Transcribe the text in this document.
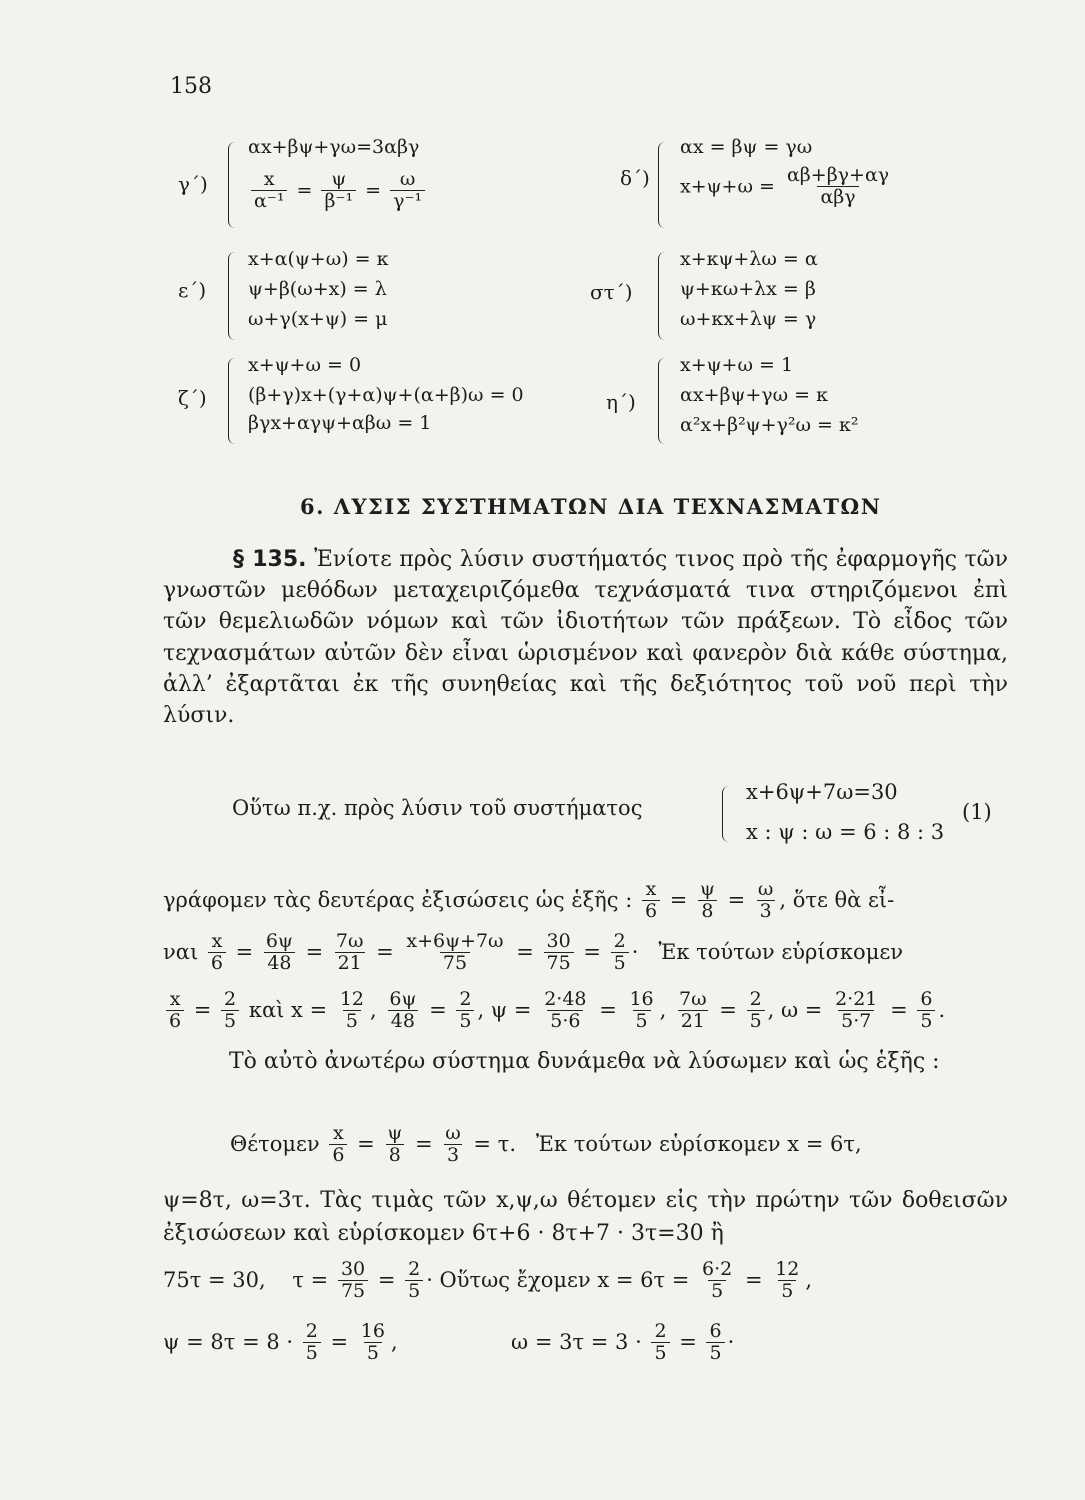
158
γ΄)
αx+βψ+γω=3αβγ
$\frac{x}{\text{α⁻¹}} = \frac{\psi}{\text{β⁻¹}} = \frac{\omega}{\text{γ⁻¹}}$	δ΄)
αx = βψ = γω
$x+\psi+\omega = \frac{\alpha\beta+\beta\gamma+\alpha\gamma}{\text{αβγ}}$
ε΄)
x+α(ψ+ω) = κ
ψ+β(ω+x) = λ
ω+γ(x+ψ) = μ
στ΄)
x+κψ+λω = α
ψ+κω+λx = β
ω+κx+λψ = γ
ζ΄)
x+ψ+ω = 0
(β+γ)x+(γ+α)ψ+(α+β)ω = 0
βγx+αγψ+αβω = 1
η΄)
x+ψ+ω = 1
αx+βψ+γω = κ
α²x+β²ψ+γ²ω = κ²
6. ΛΥΣΙΣ ΣΥΣΤΗΜΑΤΩΝ ΔΙΑ ΤΕΧΝΑΣΜΑΤΩΝ
§ 135. Ἐνίοτε πρὸς λύσιν συστήματός τινος πρὸ τῆς ἐφαρμογῆς τῶν γνωστῶν μεθόδων μεταχειριζόμεθα τεχνάσματά τινα στηριζόμενοι ἐπὶ τῶν θεμελιωδῶν νόμων καὶ τῶν ἰδιοτήτων τῶν πράξεων. Τὸ εἶδος τῶν τεχνασμάτων αὐτῶν δὲν εἶναι ὡρισμένον καὶ φανερὸν διὰ κάθε σύστημα, ἀλλ’ ἐξαρτᾶται ἐκ τῆς συνηθείας καὶ τῆς δεξιότητος τοῦ νοῦ περὶ τὴν λύσιν.
Οὕτω π.χ. πρὸς λύσιν τοῦ συστήματος
x+6ψ+7ω=30
x : ψ : ω = 6 : 8 : 3
(1)
γράφομεν τὰς δευτέρας ἐξισώσεις ὡς ἑξῆς : $\frac{x}{6} = \frac{\psi}{8} = \frac{\omega}{3}$ , ὅτε θὰ εἶ-
ναι $\frac{x}{6} = \frac{6\psi}{48} = \frac{7\omega}{21} = \frac{x+6\psi+7\omega}{75} = \frac{30}{75} = \frac{2}{5}$ ·   Ἐκ τούτων εὑρίσκομεν
$\frac{x}{6} = \frac{2}{5}$ καὶ $x = \frac{12}{5}$ , $\frac{6\psi}{48} = \frac{2}{5}$ , $\psi = \frac{2\cdot 48}{5\cdot 6} = \frac{16}{5}$ , $\frac{7\omega}{21} = \frac{2}{5}$ , $\omega = \frac{2\cdot 21}{5\cdot 7} = \frac{6}{5}$ .
Τὸ αὐτὸ ἀνωτέρω σύστημα δυνάμεθα νὰ λύσωμεν καὶ ὡς ἑξῆς :
Θέτομεν $\frac{x}{6} = \frac{\psi}{8} = \frac{\omega}{3} = \tau$.   Ἐκ τούτων εὑρίσκομεν x = 6τ,
ψ=8τ, ω=3τ. Τὰς τιμὰς τῶν x,ψ,ω θέτομεν εἰς τὴν πρώτην τῶν δοθεισῶν ἐξισώσεων καὶ εὑρίσκομεν 6τ+6 · 8τ+7 · 3τ=30 ἢ
75τ = 30,    $\tau = \frac{30}{75} = \frac{2}{5}$ · Οὕτως ἔχομεν $x = 6\tau = \frac{6\cdot 2}{5} = \frac{12}{5}$ ,
$\psi = 8\tau = 8 \cdot \frac{2}{5} = \frac{16}{5}$ ,	$\omega = 3\tau = 3 \cdot \frac{2}{5} = \frac{6}{5}$ ·
